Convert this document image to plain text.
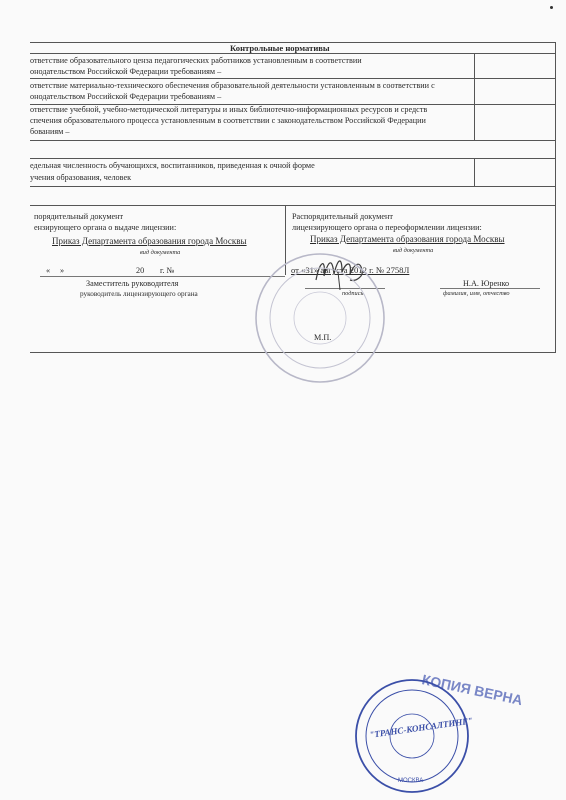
Контрольные нормативы
ответствие образовательного ценза педагогических работников установленным в соответствии
онодательством Российской Федерации требованиям –
ответствие материально-технического обеспечения образовательной деятельности установленным в соответствии с
онодательством Российской Федерации требованиям –
ответствие учебной, учебно-методической литературы и иных библиотечно-информационных ресурсов и средств
спечения образовательного процесса установленным в соответствии с законодательством Российской Федерации
бованиям –
едельная численность обучающихся, воспитанников, приведенная к очной форме
учения образования, человек
порядительный документ
ензирующего органа о выдаче лицензии:
Приказ Департамента образования города Москвы
вид документа
« »	20 г. №
Заместитель руководителя
руководитель лицензирующего органа
Распорядительный документ
лицензирующего органа о переоформлении лицензии:
Приказ Департамента образования города Москвы
вид документа
от «31» августа 2012 г. № 2758Л
подпись
Н.А. Юренко
фамилия, имя, отчество
М.П.
КОПИЯ ВЕРНА
"ТРАНС-КОНСАЛТИНГ"
МОСКВА
